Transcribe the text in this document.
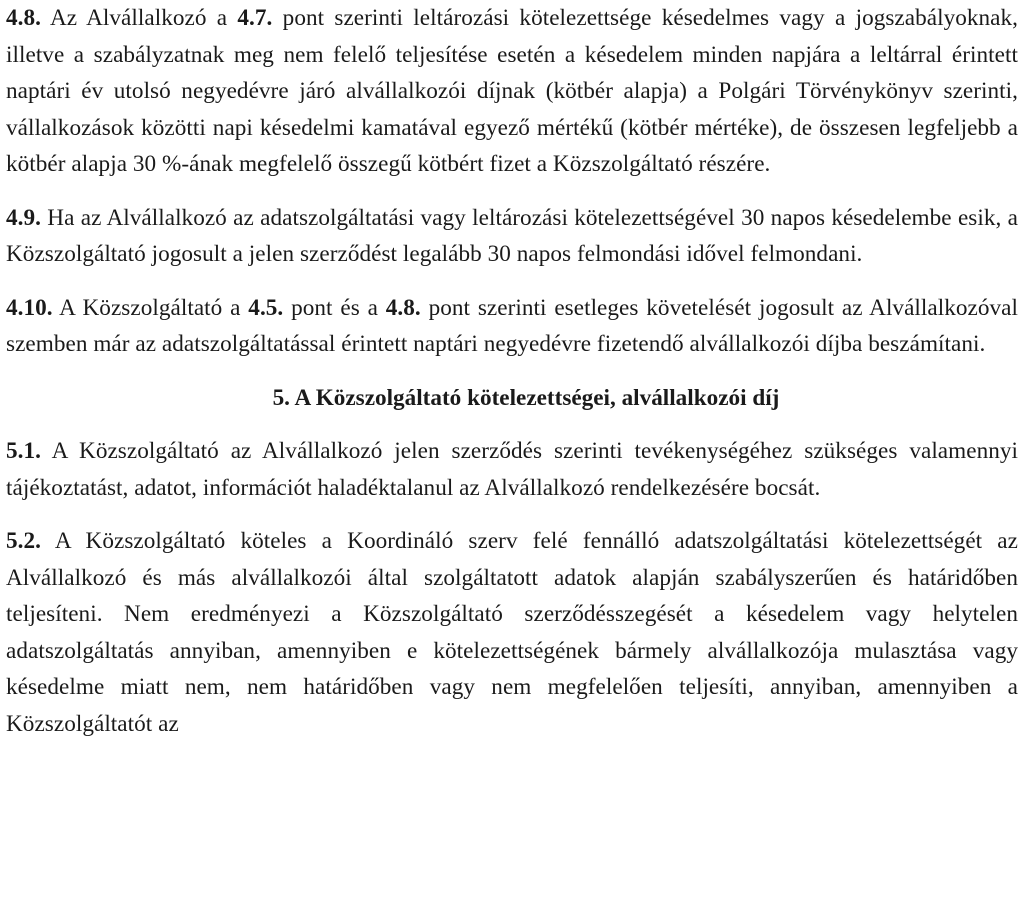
4.8. Az Alvállalkozó a 4.7. pont szerinti leltározási kötelezettsége késedelmes vagy a jogszabályoknak, illetve a szabályzatnak meg nem felelő teljesítése esetén a késedelem minden napjára a leltárral érintett naptári év utolsó negyedévre járó alvállalkozói díjnak (kötbér alapja) a Polgári Törvénykönyv szerinti, vállalkozások közötti napi késedelmi kamatával egyező mértékű (kötbér mértéke), de összesen legfeljebb a kötbér alapja 30 %-ának megfelelő összegű kötbért fizet a Közszolgáltató részére.

4.9. Ha az Alvállalkozó az adatszolgáltatási vagy leltározási kötelezettségével 30 napos késedelembe esik, a Közszolgáltató jogosult a jelen szerződést legalább 30 napos felmondási idővel felmondani.

4.10. A Közszolgáltató a 4.5. pont és a 4.8. pont szerinti esetleges követelését jogosult az Alvállalkozóval szemben már az adatszolgáltatással érintett naptári negyedévre fizetendő alvállalkozói díjba beszámítani.

5. A Közszolgáltató kötelezettségei, alvállalkozói díj

5.1. A Közszolgáltató az Alvállalkozó jelen szerződés szerinti tevékenységéhez szükséges valamennyi tájékoztatást, adatot, információt haladéktalanul az Alvállalkozó rendelkezésére bocsát.

5.2. A Közszolgáltató köteles a Koordináló szerv felé fennálló adatszolgáltatási kötelezettségét az Alvállalkozó és más alvállalkozói által szolgáltatott adatok alapján szabályszerűen és határidőben teljesíteni. Nem eredményezi a Közszolgáltató szerződésszegését a késedelem vagy helytelen adatszolgáltatás annyiban, amennyiben e kötelezettségének bármely alvállalkozója mulasztása vagy késedelme miatt nem, nem határidőben vagy nem megfelelően teljesíti, annyiban, amennyiben a Közszolgáltatót az
